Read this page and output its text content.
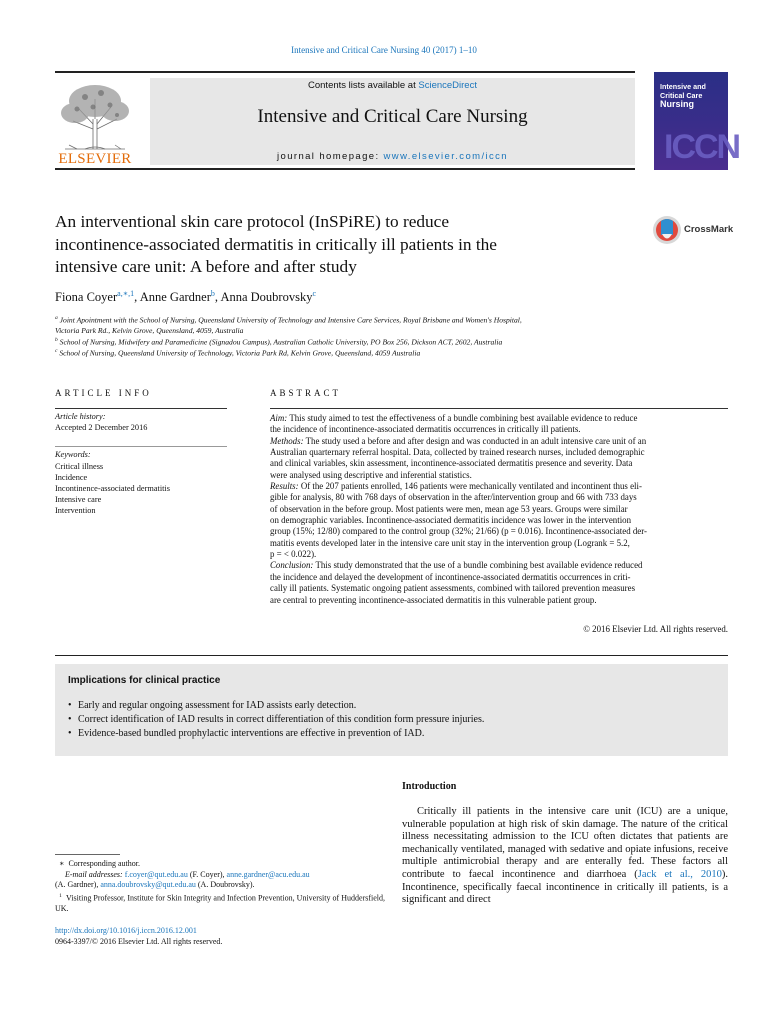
Intensive and Critical Care Nursing 40 (2017) 1–10
ELSEVIER
Contents lists available at ScienceDirect
Intensive and Critical Care Nursing
journal homepage: www.elsevier.com/iccn
Intensive and
Critical Care
Nursing
ICCN
An interventional skin care protocol (InSPiRE) to reduce
incontinence-associated dermatitis in critically ill patients in the
intensive care unit: A before and after study
CrossMark
Fiona Coyer$^{a,∗,1}$, Anne Gardner$^b$, Anna Doubrovsky$^c$
$^a$ Joint Apointment with the School of Nursing, Queensland University of Technology and Intensive Care Services, Royal Brisbane and Women's Hospital,
Victoria Park Rd., Kelvin Grove, Queensland, 4059, Australia
$^b$ School of Nursing, Midwifery and Paramedicine (Signadou Campus), Australian Catholic University, PO Box 256, Dickson ACT, 2602, Australia
$^c$ School of Nursing, Queensland University of Technology, Victoria Park Rd, Kelvin Grove, Queensland, 4059 Australia
ARTICLE INFO	ABSTRACT
Article history:
Accepted 2 December 2016
Keywords:
Critical illness
Incidence
Incontinence-associated dermatitis
Intensive care
Intervention
Aim: This study aimed to test the effectiveness of a bundle combining best available evidence to reduce
the incidence of incontinence-associated dermatitis occurrences in critically ill patients.
Methods: The study used a before and after design and was conducted in an adult intensive care unit of an
Australian quarternary referral hospital. Data, collected by trained research nurses, included demographic
and clinical variables, skin assessment, incontinence-associated dermatitis presence and severity. Data
were analysed using descriptive and inferential statistics.
Results: Of the 207 patients enrolled, 146 patients were mechanically ventilated and incontinent thus eli-
gible for analysis, 80 with 768 days of observation in the after/intervention group and 66 with 733 days
of observation in the before group. Most patients were men, mean age 53 years. Groups were similar
on demographic variables. Incontinence-associated dermatitis incidence was lower in the intervention
group (15%; 12/80) compared to the control group (32%; 21/66) (p = 0.016). Incontinence-associated der-
matitis events developed later in the intensive care unit stay in the intervention group (Logrank = 5.2,
p = < 0.022).
Conclusion: This study demonstrated that the use of a bundle combining best available evidence reduced
the incidence and delayed the development of incontinence-associated dermatitis occurrences in criti-
cally ill patients. Systematic ongoing patient assessments, combined with tailored prevention measures
are central to preventing incontinence-associated dermatitis in this vulnerable patient group.
© 2016 Elsevier Ltd. All rights reserved.
Implications for clinical practice
• Early and regular ongoing assessment for IAD assists early detection.
• Correct identification of IAD results in correct differentiation of this condition form pressure injuries.
• Evidence-based bundled prophylactic interventions are effective in prevention of IAD.
Introduction
Critically ill patients in the intensive care unit (ICU) are a unique, vulnerable population at high risk of skin damage. The nature of the critical illness necessitating admission to the ICU often dictates that patients are mechanically ventilated, managed with sedative and opiate infusions, receive multiple antimicrobial therapy and are enterally fed. These factors all contribute to faecal incontinence and diarrhoea (Jack et al., 2010). Incontinence, specifically faecal incontinence in critically ill patients, is a significant and direct
∗  Corresponding author.
E-mail addresses: f.coyer@qut.edu.au (F. Coyer), anne.gardner@acu.edu.au
(A. Gardner), anna.doubrovsky@qut.edu.au (A. Doubrovsky).
$^1$ Visiting Professor, Institute for Skin Integrity and Infection Prevention, University of Huddersfield, UK.
http://dx.doi.org/10.1016/j.iccn.2016.12.001
0964-3397/© 2016 Elsevier Ltd. All rights reserved.
